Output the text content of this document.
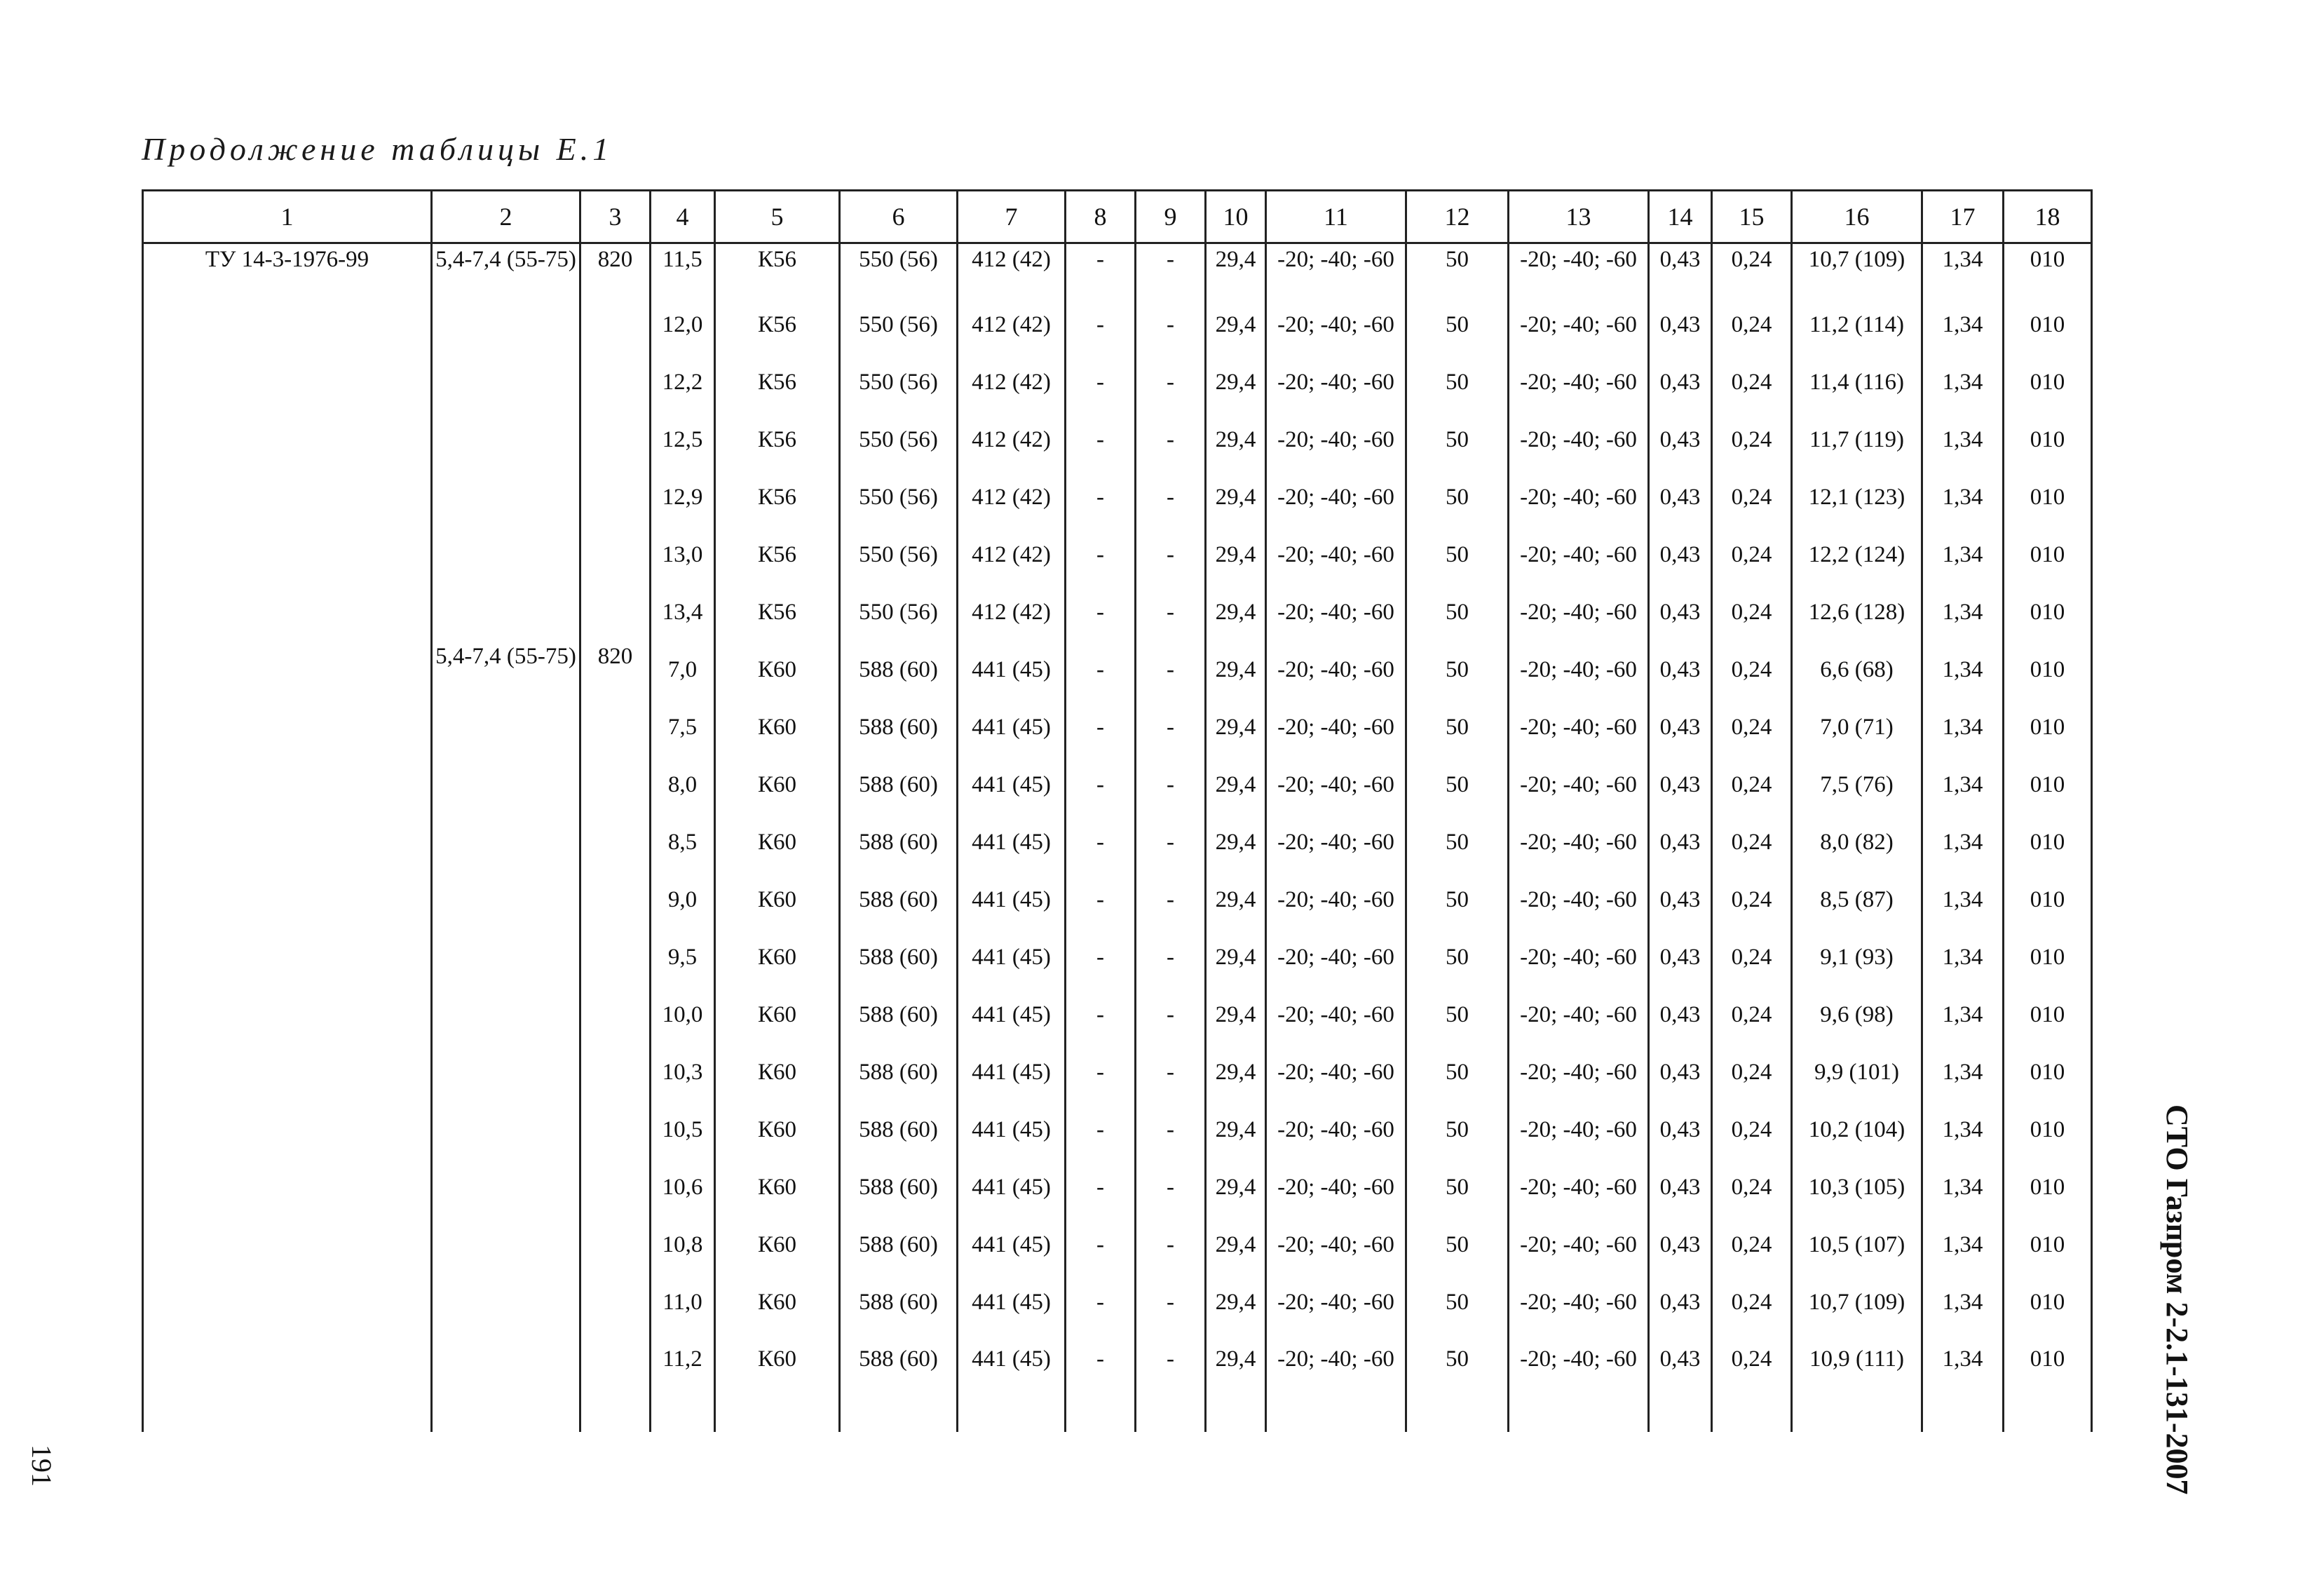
Продолжение таблицы Е.1
1	2	3	4	5	6	7	8	9	10	11	12	13	14	15	16	17	18
ТУ 14-3-1976-99	5,4-7,4 (55-75)	820	11,5	К56	550 (56)	412 (42)	-	-	29,4	-20; -40; -60	50	-20; -40; -60	0,43	0,24	10,7 (109)	1,34	010
			12,0	К56	550 (56)	412 (42)	-	-	29,4	-20; -40; -60	50	-20; -40; -60	0,43	0,24	11,2 (114)	1,34	010
			12,2	К56	550 (56)	412 (42)	-	-	29,4	-20; -40; -60	50	-20; -40; -60	0,43	0,24	11,4 (116)	1,34	010
			12,5	К56	550 (56)	412 (42)	-	-	29,4	-20; -40; -60	50	-20; -40; -60	0,43	0,24	11,7 (119)	1,34	010
			12,9	К56	550 (56)	412 (42)	-	-	29,4	-20; -40; -60	50	-20; -40; -60	0,43	0,24	12,1 (123)	1,34	010
			13,0	К56	550 (56)	412 (42)	-	-	29,4	-20; -40; -60	50	-20; -40; -60	0,43	0,24	12,2 (124)	1,34	010
			13,4	К56	550 (56)	412 (42)	-	-	29,4	-20; -40; -60	50	-20; -40; -60	0,43	0,24	12,6 (128)	1,34	010
	5,4-7,4 (55-75)	820	7,0	К60	588 (60)	441 (45)	-	-	29,4	-20; -40; -60	50	-20; -40; -60	0,43	0,24	6,6 (68)	1,34	010
			7,5	К60	588 (60)	441 (45)	-	-	29,4	-20; -40; -60	50	-20; -40; -60	0,43	0,24	7,0 (71)	1,34	010
			8,0	К60	588 (60)	441 (45)	-	-	29,4	-20; -40; -60	50	-20; -40; -60	0,43	0,24	7,5 (76)	1,34	010
			8,5	К60	588 (60)	441 (45)	-	-	29,4	-20; -40; -60	50	-20; -40; -60	0,43	0,24	8,0 (82)	1,34	010
			9,0	К60	588 (60)	441 (45)	-	-	29,4	-20; -40; -60	50	-20; -40; -60	0,43	0,24	8,5 (87)	1,34	010
			9,5	К60	588 (60)	441 (45)	-	-	29,4	-20; -40; -60	50	-20; -40; -60	0,43	0,24	9,1 (93)	1,34	010
			10,0	К60	588 (60)	441 (45)	-	-	29,4	-20; -40; -60	50	-20; -40; -60	0,43	0,24	9,6 (98)	1,34	010
			10,3	К60	588 (60)	441 (45)	-	-	29,4	-20; -40; -60	50	-20; -40; -60	0,43	0,24	9,9 (101)	1,34	010
			10,5	К60	588 (60)	441 (45)	-	-	29,4	-20; -40; -60	50	-20; -40; -60	0,43	0,24	10,2 (104)	1,34	010
			10,6	К60	588 (60)	441 (45)	-	-	29,4	-20; -40; -60	50	-20; -40; -60	0,43	0,24	10,3 (105)	1,34	010
			10,8	К60	588 (60)	441 (45)	-	-	29,4	-20; -40; -60	50	-20; -40; -60	0,43	0,24	10,5 (107)	1,34	010
			11,0	К60	588 (60)	441 (45)	-	-	29,4	-20; -40; -60	50	-20; -40; -60	0,43	0,24	10,7 (109)	1,34	010
			11,2	К60	588 (60)	441 (45)	-	-	29,4	-20; -40; -60	50	-20; -40; -60	0,43	0,24	10,9 (111)	1,34	010	СТО Газпром 2-2.1-131-2007
191
